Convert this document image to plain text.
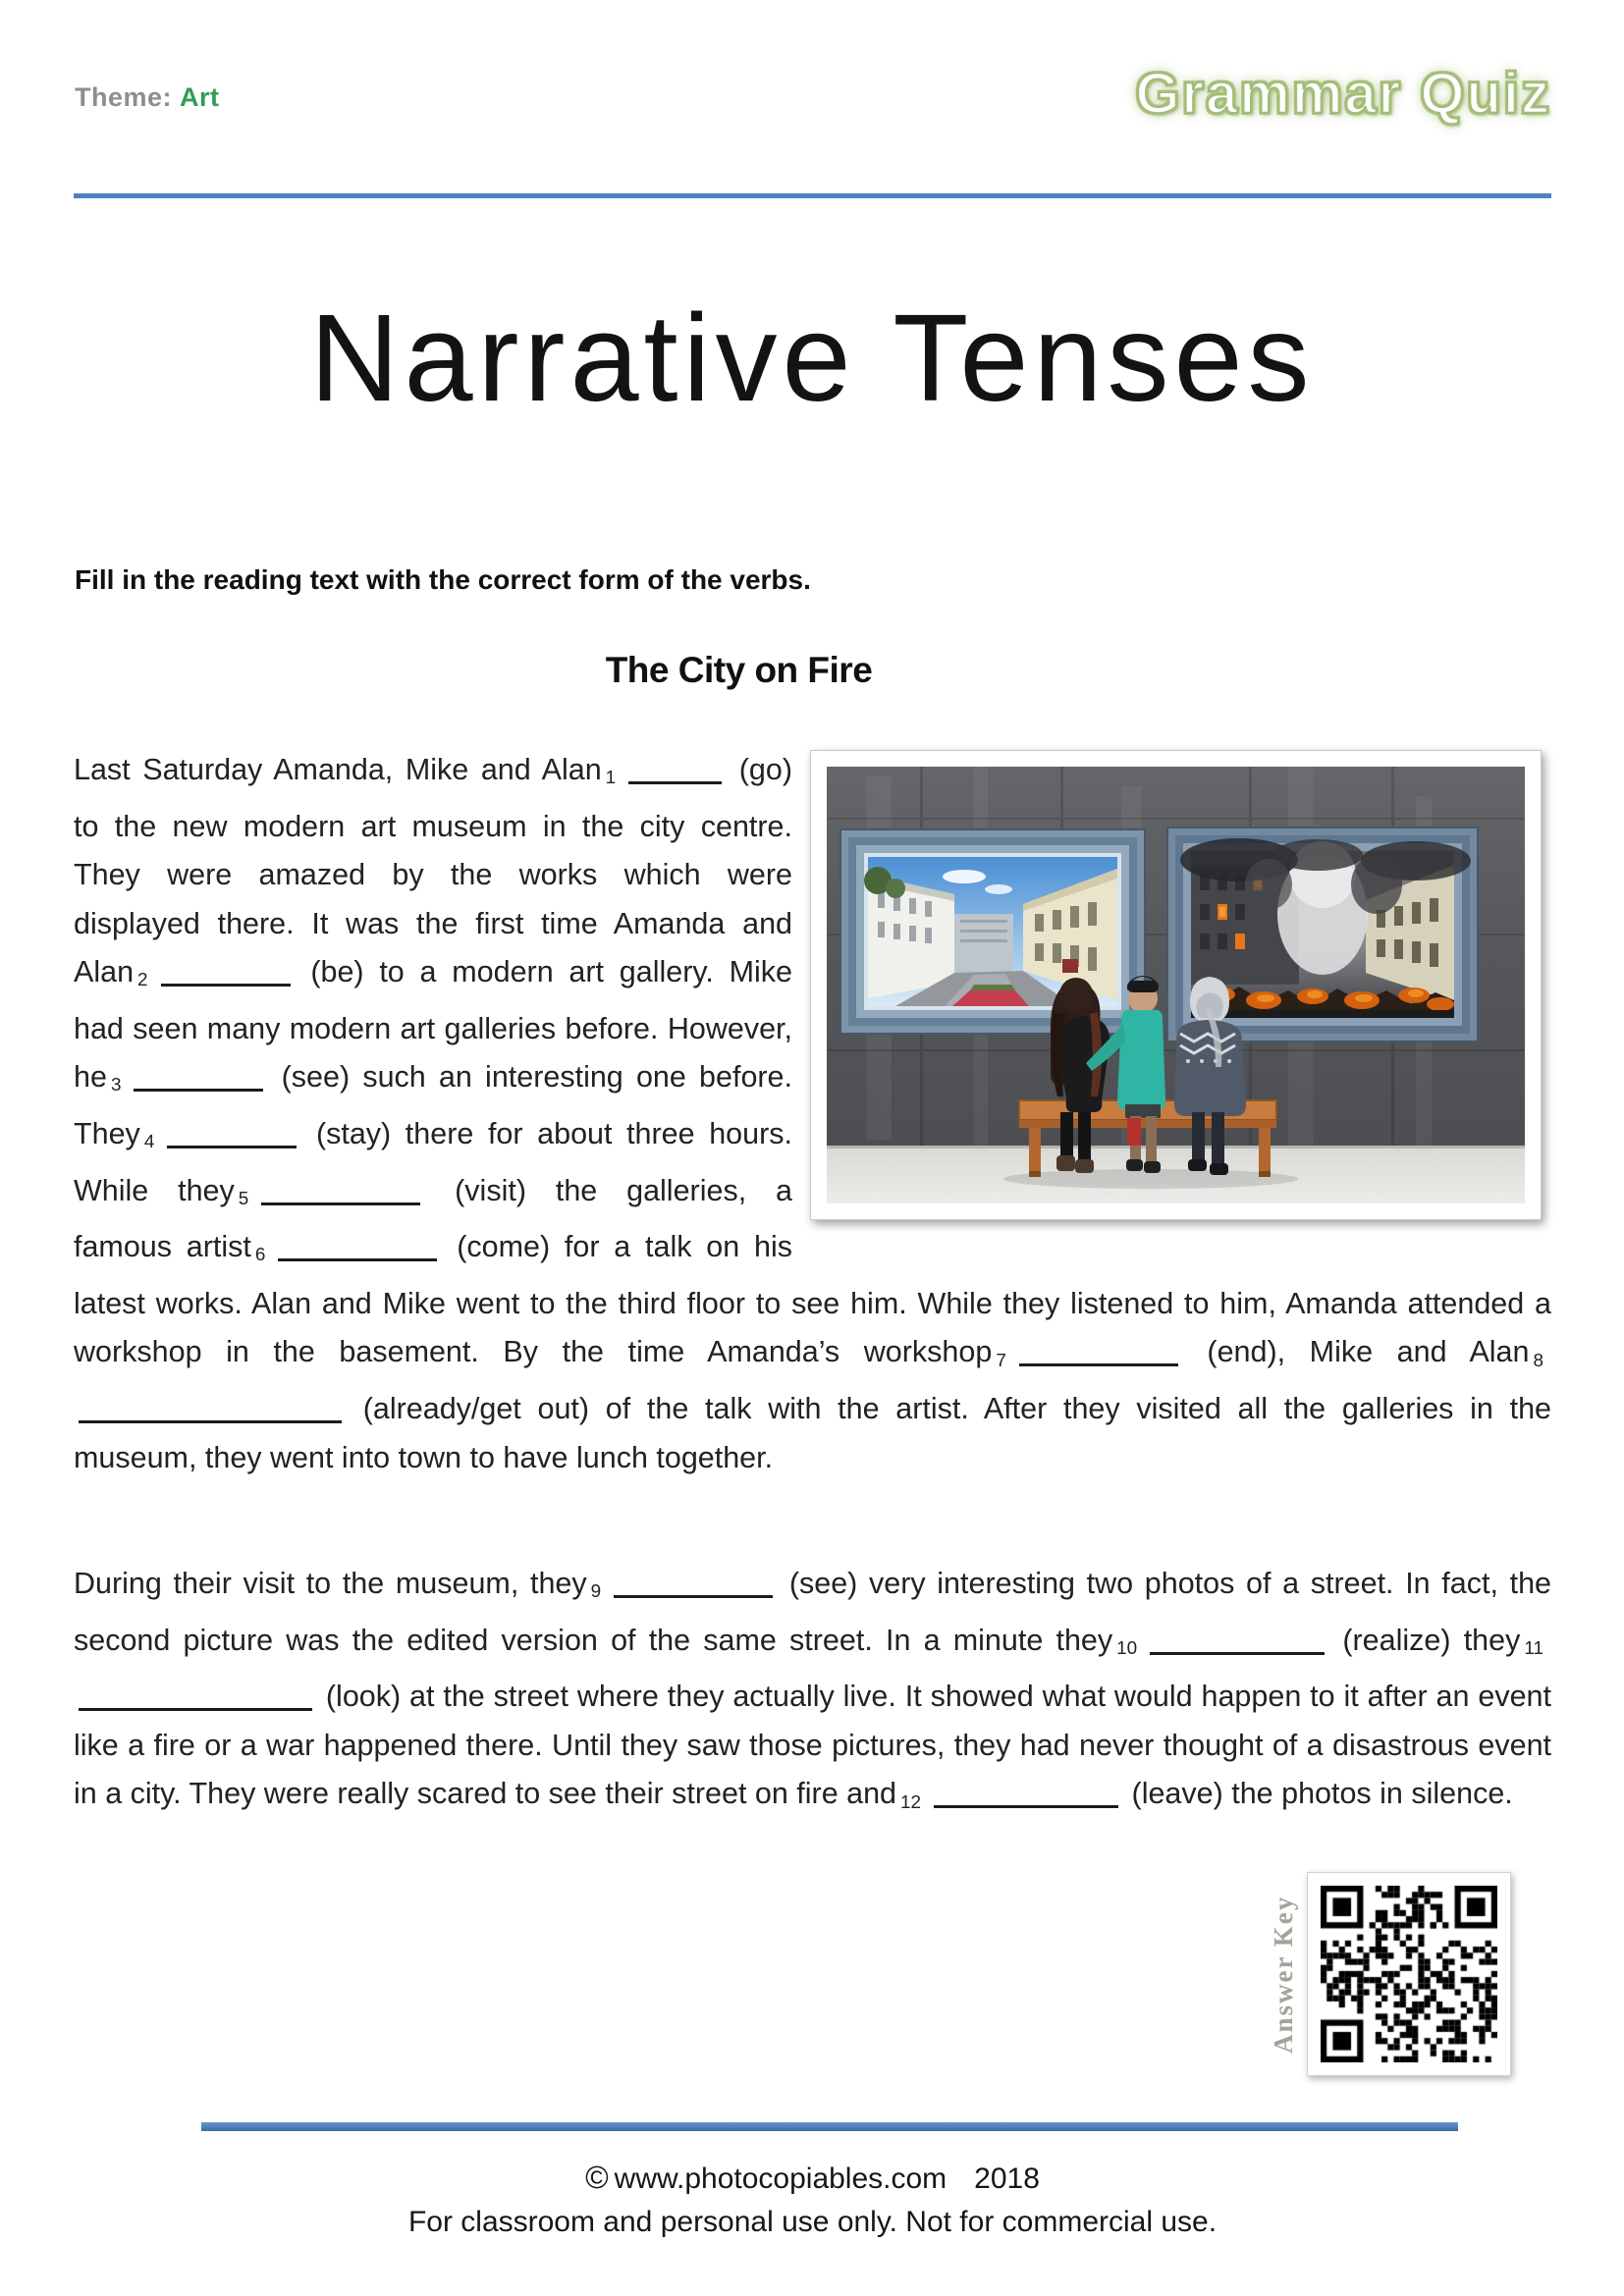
Theme: Art	Grammar Quiz
Narrative Tenses
Fill in the reading text with the correct form of the verbs.
The City on Fire

Last Saturday Amanda, Mike and Alan 1	(go) to the new modern art museum in the city centre. They were amazed by the works which were displayed there. It was the first time Amanda and Alan 2	(be) to a modern art gallery. Mike had seen many modern art galleries before. However, he 3	(see) such an interesting one before. They 4	(stay) there for about three hours. While they 5	(visit) the galleries, a famous artist 6	(come) for a talk on his latest works. Alan and Mike went to the third floor to see him. While they listened to him, Amanda attended a workshop in the basement. By the time Amanda’s workshop 7	(end), Mike and Alan 8 (already/get out) of the talk with the artist. After they visited all the galleries in the museum, they went into town to have lunch together.

During their visit to the museum, they 9	(see) very interesting two photos of a street. In fact, the second picture was the edited version of the same street. In a minute they 10	(realize) they 11 (look) at the street where they actually live. It showed what would happen to it after an event like a fire or a war happened there. Until they saw those pictures, they had never thought of a disastrous event in a city. They were really scared to see their street on fire and 12	(leave) the photos in silence.

Answer Key
© www.photocopiables.com 2018
For classroom and personal use only. Not for commercial use.
